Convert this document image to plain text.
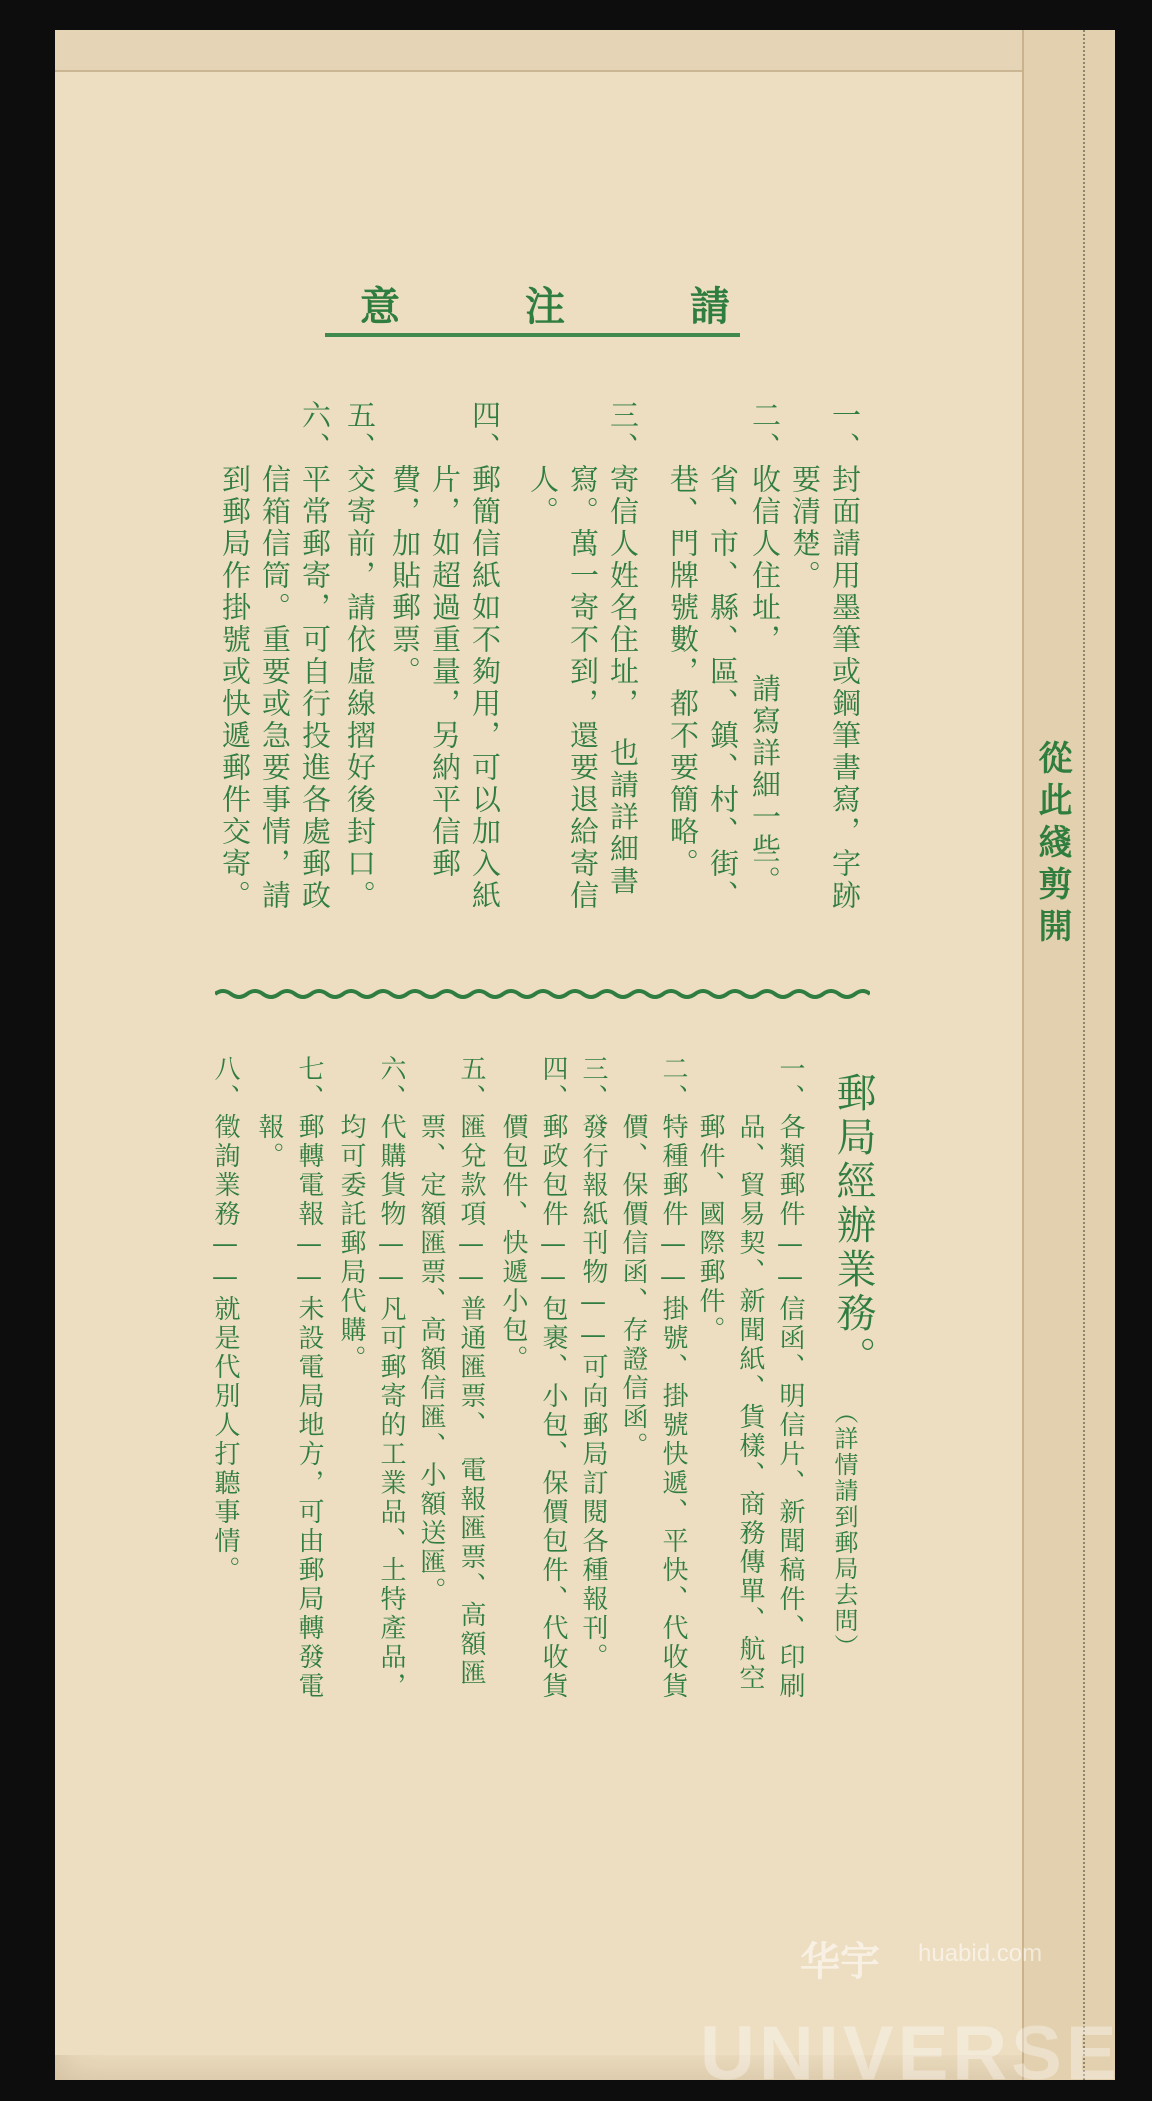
意	注	請
一、封面請用墨筆或鋼筆書寫，字跡
　　要清楚。
二、收信人住址，　請寫詳細一些。
　　省、市、縣、區、鎮、村、街、
　　巷、門牌號數，都不要簡略。
三、寄信人姓名住址，　也請詳細書
　　寫。萬一寄不到，還要退給寄信
　　人。
四、郵簡信紙如不夠用，可以加入紙
　　片，如超過重量，另納平信郵
　　費，加貼郵票。
五、交寄前，請依虛線摺好後封口。
六、平常郵寄，可自行投進各處郵政
　　信箱信筒。重要或急要事情，請
　　到郵局作掛號或快遞郵件交寄。
郵局經辦業務。
（詳情請到郵局去問）
一、各類郵件——信函、明信片、新聞稿件、印刷
　　品、貿易契、新聞紙、貨樣、商務傳單、航空
　　郵件、國際郵件。
二、特種郵件——掛號、掛號快遞、平快、代收貨
　　價、保價信函、存證信函。
三、發行報紙刊物——可向郵局訂閱各種報刊。
四、郵政包件——包裹、小包、保價包件、代收貨
　　價包件、快遞小包。
五、匯兌款項——普通匯票、　電報匯票、高額匯
　　票、定額匯票、高額信匯、小額送匯。
六、代購貨物——凡可郵寄的工業品、土特產品，
　　均可委託郵局代購。
七、郵轉電報——未設電局地方，可由郵局轉發電
　　報。
八、徵詢業務——就是代別人打聽事情。
從此綫剪開
华宇 huabid.com
UNIVERSE
